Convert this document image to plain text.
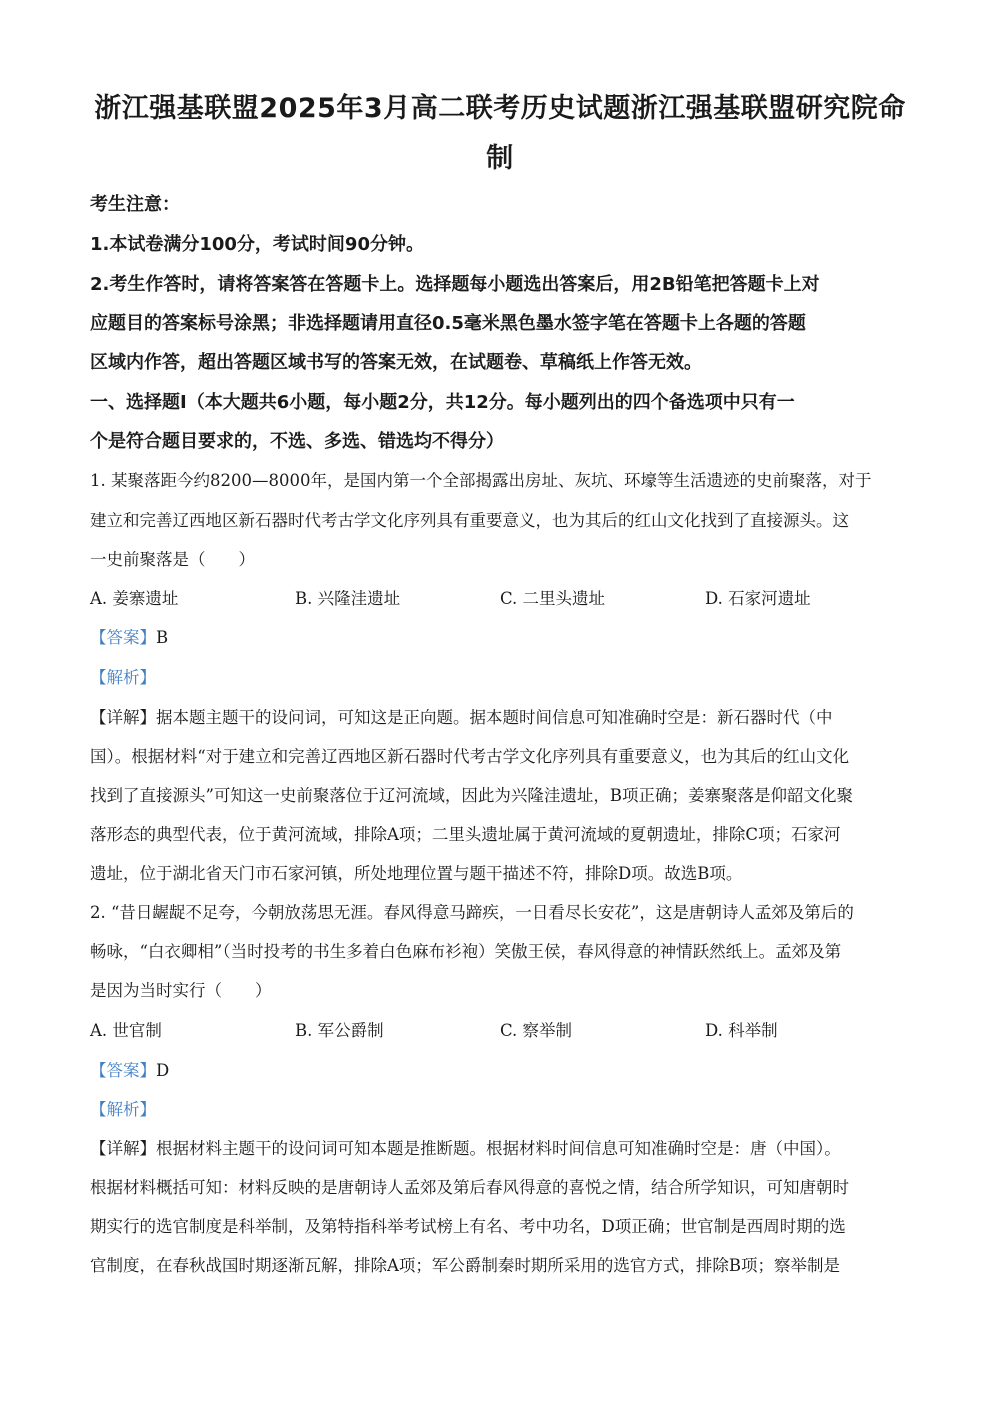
浙江强基联盟2025年3月高二联考历史试题浙江强基联盟研究院命制
考生注意：
1.本试卷满分100分，考试时间90分钟。
2.考生作答时，请将答案答在答题卡上。选择题每小题选出答案后，用2B铅笔把答题卡上对
应题目的答案标号涂黑；非选择题请用直径0.5毫米黑色墨水签字笔在答题卡上各题的答题
区域内作答，超出答题区域书写的答案无效，在试题卷、草稿纸上作答无效。
一、选择题Ⅰ（本大题共6小题，每小题2分，共12分。每小题列出的四个备选项中只有一
个是符合题目要求的，不选、多选、错选均不得分）
1. 某聚落距今约8200—8000年，是国内第一个全部揭露出房址、灰坑、环壕等生活遗迹的史前聚落，对于
建立和完善辽西地区新石器时代考古学文化序列具有重要意义，也为其后的红山文化找到了直接源头。这
一史前聚落是（　　）
A. 姜寨遗址	B. 兴隆洼遗址	C. 二里头遗址	D. 石家河遗址
【答案】B
【解析】
【详解】据本题主题干的设问词，可知这是正向题。据本题时间信息可知准确时空是：新石器时代（中
国）。根据材料“对于建立和完善辽西地区新石器时代考古学文化序列具有重要意义，也为其后的红山文化
找到了直接源头”可知这一史前聚落位于辽河流域，因此为兴隆洼遗址，B项正确；姜寨聚落是仰韶文化聚
落形态的典型代表，位于黄河流域，排除A项；二里头遗址属于黄河流域的夏朝遗址，排除C项；石家河
遗址，位于湖北省天门市石家河镇，所处地理位置与题干描述不符，排除D项。故选B项。
2. “昔日龌龊不足夸，今朝放荡思无涯。春风得意马蹄疾，一日看尽长安花”，这是唐朝诗人孟郊及第后的
畅咏，“白衣卿相”（当时投考的书生多着白色麻布衫袍）笑傲王侯，春风得意的神情跃然纸上。孟郊及第
是因为当时实行（　　）
A. 世官制	B. 军公爵制	C. 察举制	D. 科举制
【答案】D
【解析】
【详解】根据材料主题干的设问词可知本题是推断题。根据材料时间信息可知准确时空是：唐（中国）。
根据材料概括可知：材料反映的是唐朝诗人孟郊及第后春风得意的喜悦之情，结合所学知识，可知唐朝时
期实行的选官制度是科举制，及第特指科举考试榜上有名、考中功名，D项正确；世官制是西周时期的选
官制度，在春秋战国时期逐渐瓦解，排除A项；军公爵制秦时期所采用的选官方式，排除B项；察举制是
